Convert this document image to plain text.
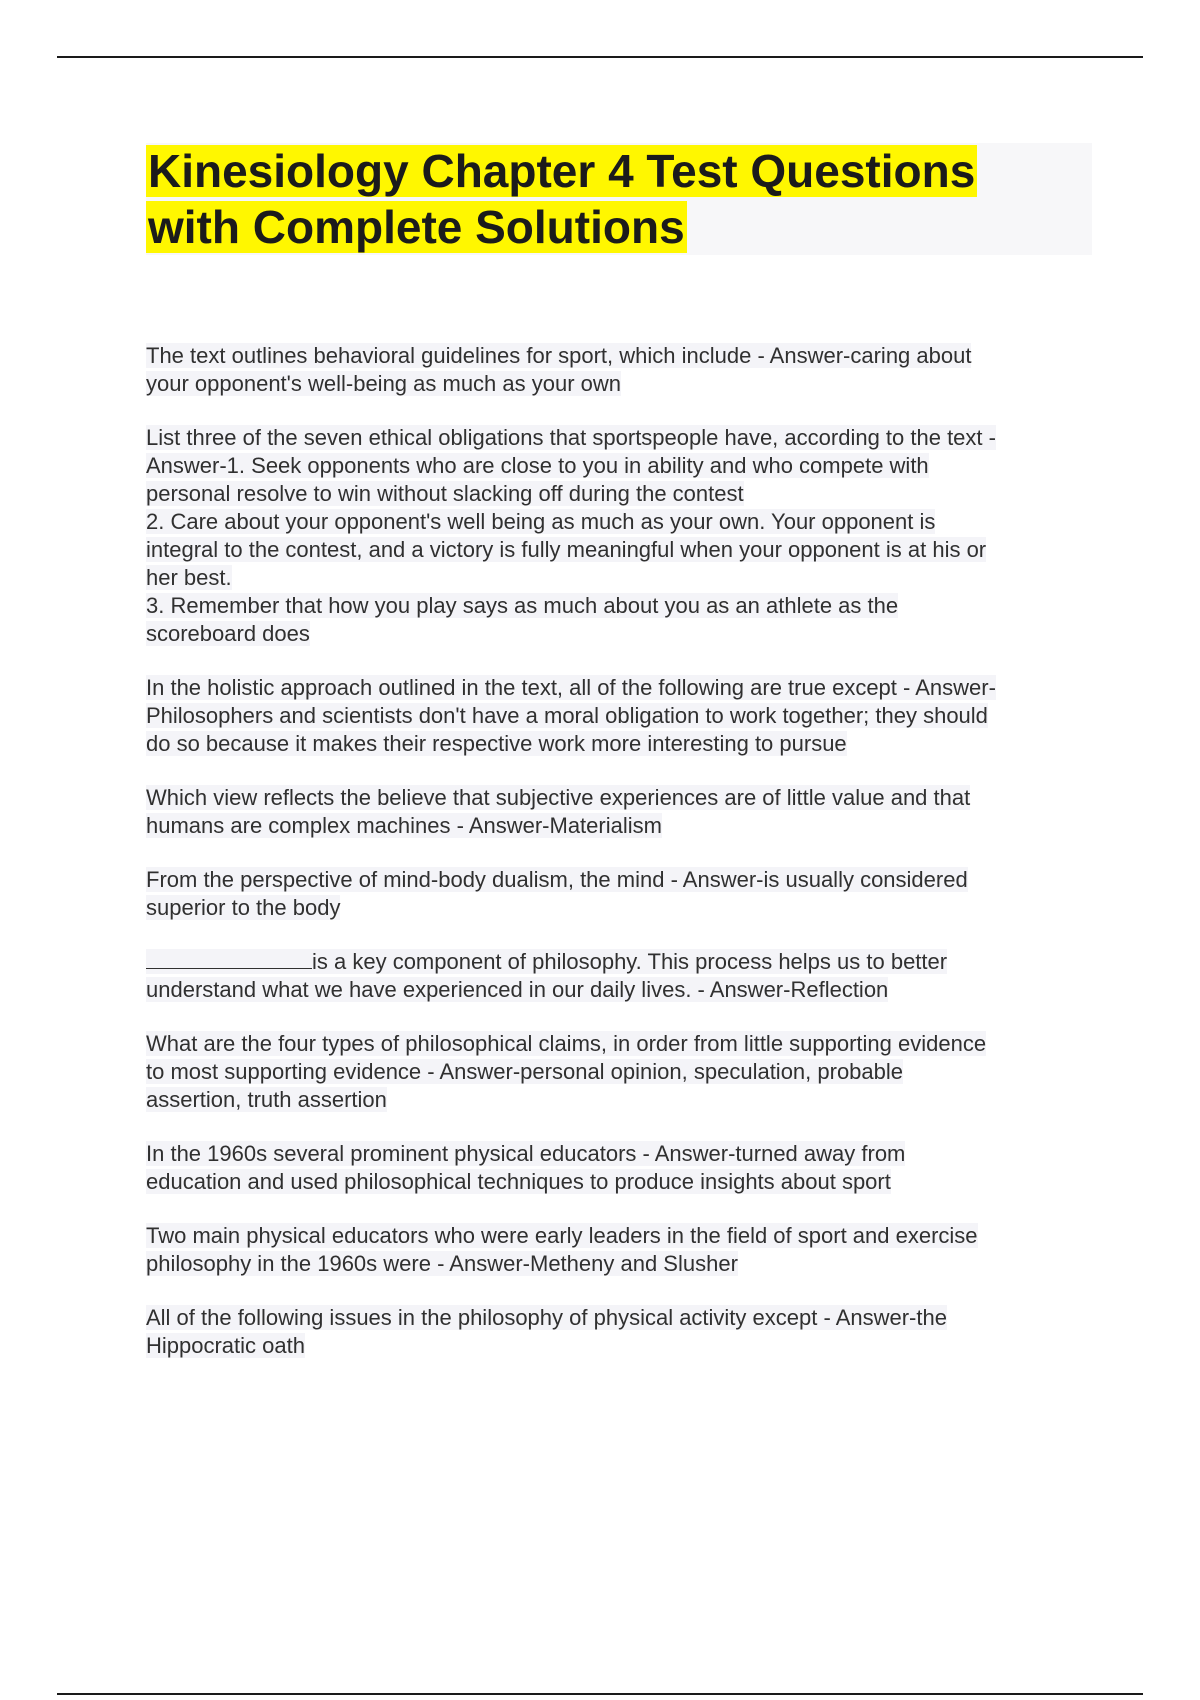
Kinesiology Chapter 4 Test Questions
with Complete Solutions

The text outlines behavioral guidelines for sport, which include - Answer-caring about
your opponent's well-being as much as your own

List three of the seven ethical obligations that sportspeople have, according to the text -
Answer-1. Seek opponents who are close to you in ability and who compete with
personal resolve to win without slacking off during the contest
2. Care about your opponent's well being as much as your own. Your opponent is
integral to the contest, and a victory is fully meaningful when your opponent is at his or
her best.
3. Remember that how you play says as much about you as an athlete as the
scoreboard does

In the holistic approach outlined in the text, all of the following are true except - Answer-
Philosophers and scientists don't have a moral obligation to work together; they should
do so because it makes their respective work more interesting to pursue

Which view reflects the believe that subjective experiences are of little value and that
humans are complex machines - Answer-Materialism

From the perspective of mind-body dualism, the mind - Answer-is usually considered
superior to the body

is a key component of philosophy. This process helps us to better
understand what we have experienced in our daily lives. - Answer-Reflection

What are the four types of philosophical claims, in order from little supporting evidence
to most supporting evidence - Answer-personal opinion, speculation, probable
assertion, truth assertion

In the 1960s several prominent physical educators - Answer-turned away from
education and used philosophical techniques to produce insights about sport

Two main physical educators who were early leaders in the field of sport and exercise
philosophy in the 1960s were - Answer-Metheny and Slusher

All of the following issues in the philosophy of physical activity except - Answer-the
Hippocratic oath
